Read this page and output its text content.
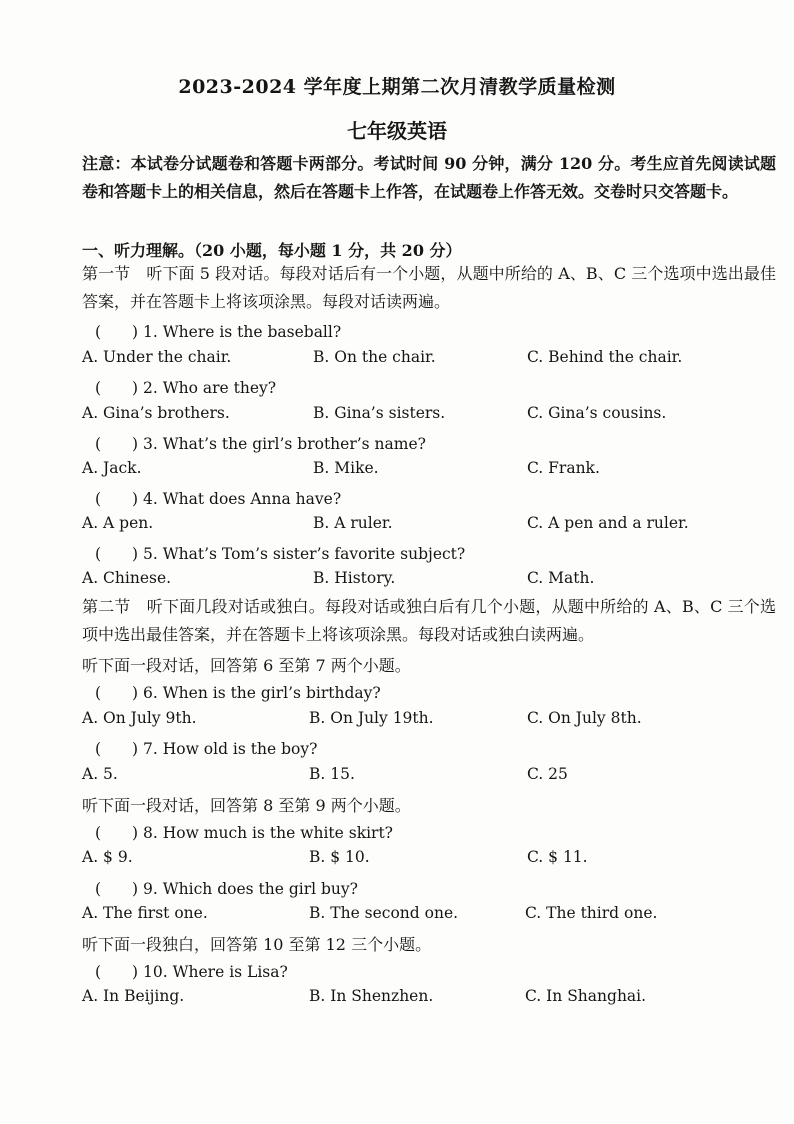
2023-2024 学年度上期第二次月清教学质量检测
七年级英语
注意：本试卷分试题卷和答题卡两部分。考试时间 90 分钟，满分 120 分。考生应首先阅读试题卷和答题卡上的相关信息，然后在答题卡上作答，在试题卷上作答无效。交卷时只交答题卡。
一、听力理解。（20 小题，每小题 1 分，共 20 分）
第一节　听下面 5 段对话。每段对话后有一个小题，从题中所给的 A、B、C 三个选项中选出最佳答案，并在答题卡上将该项涂黑。每段对话读两遍。
(　　) 1. Where is the baseball?
A. Under the chair.	B. On the chair.	C. Behind the chair.
(　　) 2. Who are they?
A. Gina’s brothers.	B. Gina’s sisters.	C. Gina’s cousins.
(　　) 3. What’s the girl’s brother’s name?
A. Jack.	B. Mike.	C. Frank.
(　　) 4. What does Anna have?
A. A pen.	B. A ruler.	C. A pen and a ruler.
(　　) 5. What’s Tom’s sister’s favorite subject?
A. Chinese.	B. History.	C. Math.
第二节　听下面几段对话或独白。每段对话或独白后有几个小题，从题中所给的 A、B、C 三个选项中选出最佳答案，并在答题卡上将该项涂黑。每段对话或独白读两遍。
听下面一段对话，回答第 6 至第 7 两个小题。
(　　) 6. When is the girl’s birthday?
A. On July 9th.	B. On July 19th.	C. On July 8th.
(　　) 7. How old is the boy?
A. 5.	B. 15.	C. 25
听下面一段对话，回答第 8 至第 9 两个小题。
(　　) 8. How much is the white skirt?
A. $ 9.	B. $ 10.	C. $ 11.
(　　) 9. Which does the girl buy?
A. The first one.	B. The second one.	C. The third one.
听下面一段独白，回答第 10 至第 12 三个小题。
(　　) 10. Where is Lisa?
A. In Beijing.	B. In Shenzhen.	C. In Shanghai.
